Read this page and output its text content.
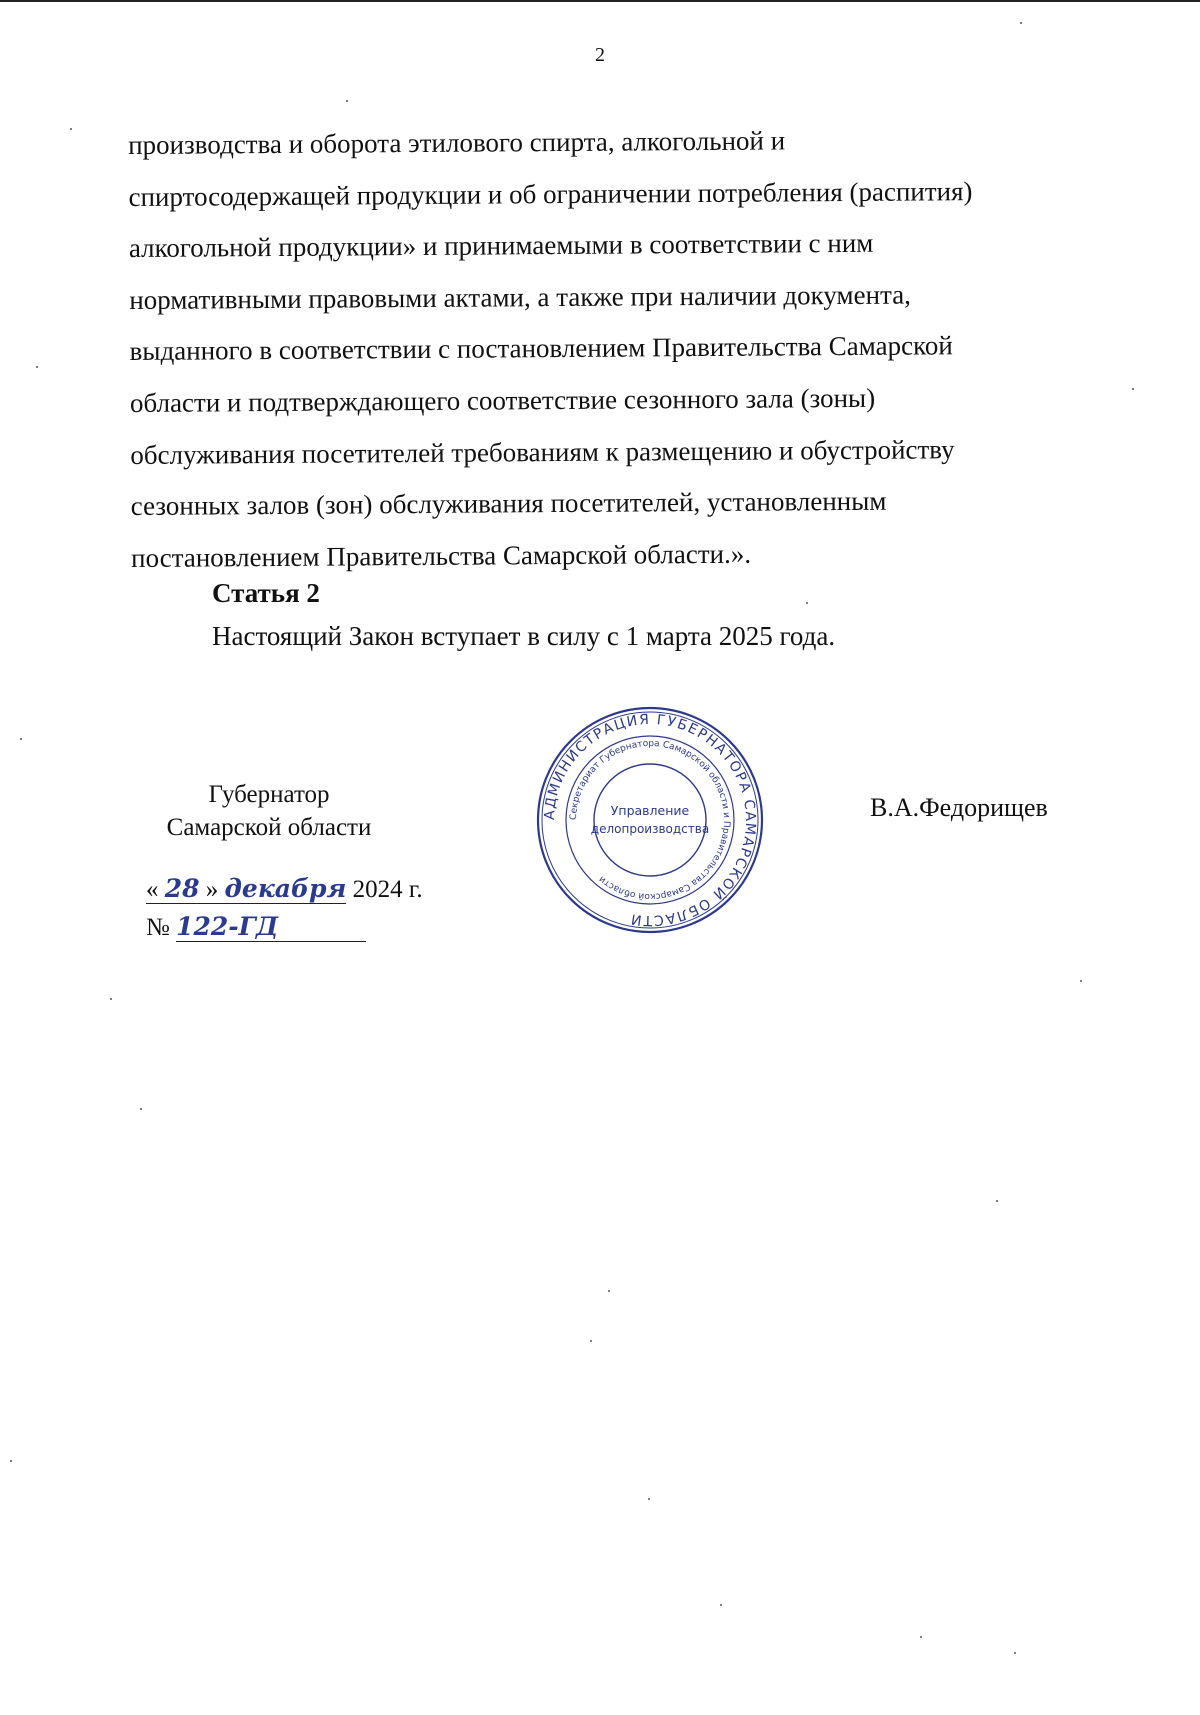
2
производства и оборота этилового спирта, алкогольной и
спиртосодержащей продукции и об ограничении потребления (распития)
алкогольной продукции» и принимаемыми в соответствии с ним
нормативными правовыми актами, а также при наличии документа,
выданного в соответствии с постановлением Правительства Самарской
области и подтверждающего соответствие сезонного зала (зоны)
обслуживания посетителей требованиям к размещению и обустройству
сезонных залов (зон) обслуживания посетителей, установленным
постановлением Правительства Самарской области.».
Статья 2
Настоящий Закон вступает в силу с 1 марта 2025 года.
Губернатор
Самарской области	АДМИНИСТРАЦИЯ ГУБЕРНАТОРА САМАРСКОЙ ОБЛАСТИ
Секретариат Губернатора Самарской области и Правительства Самарской области
Управление
делопроизводства
В.А.Федорищев
« 28 » декабря 2024 г.
№ 122-ГД
